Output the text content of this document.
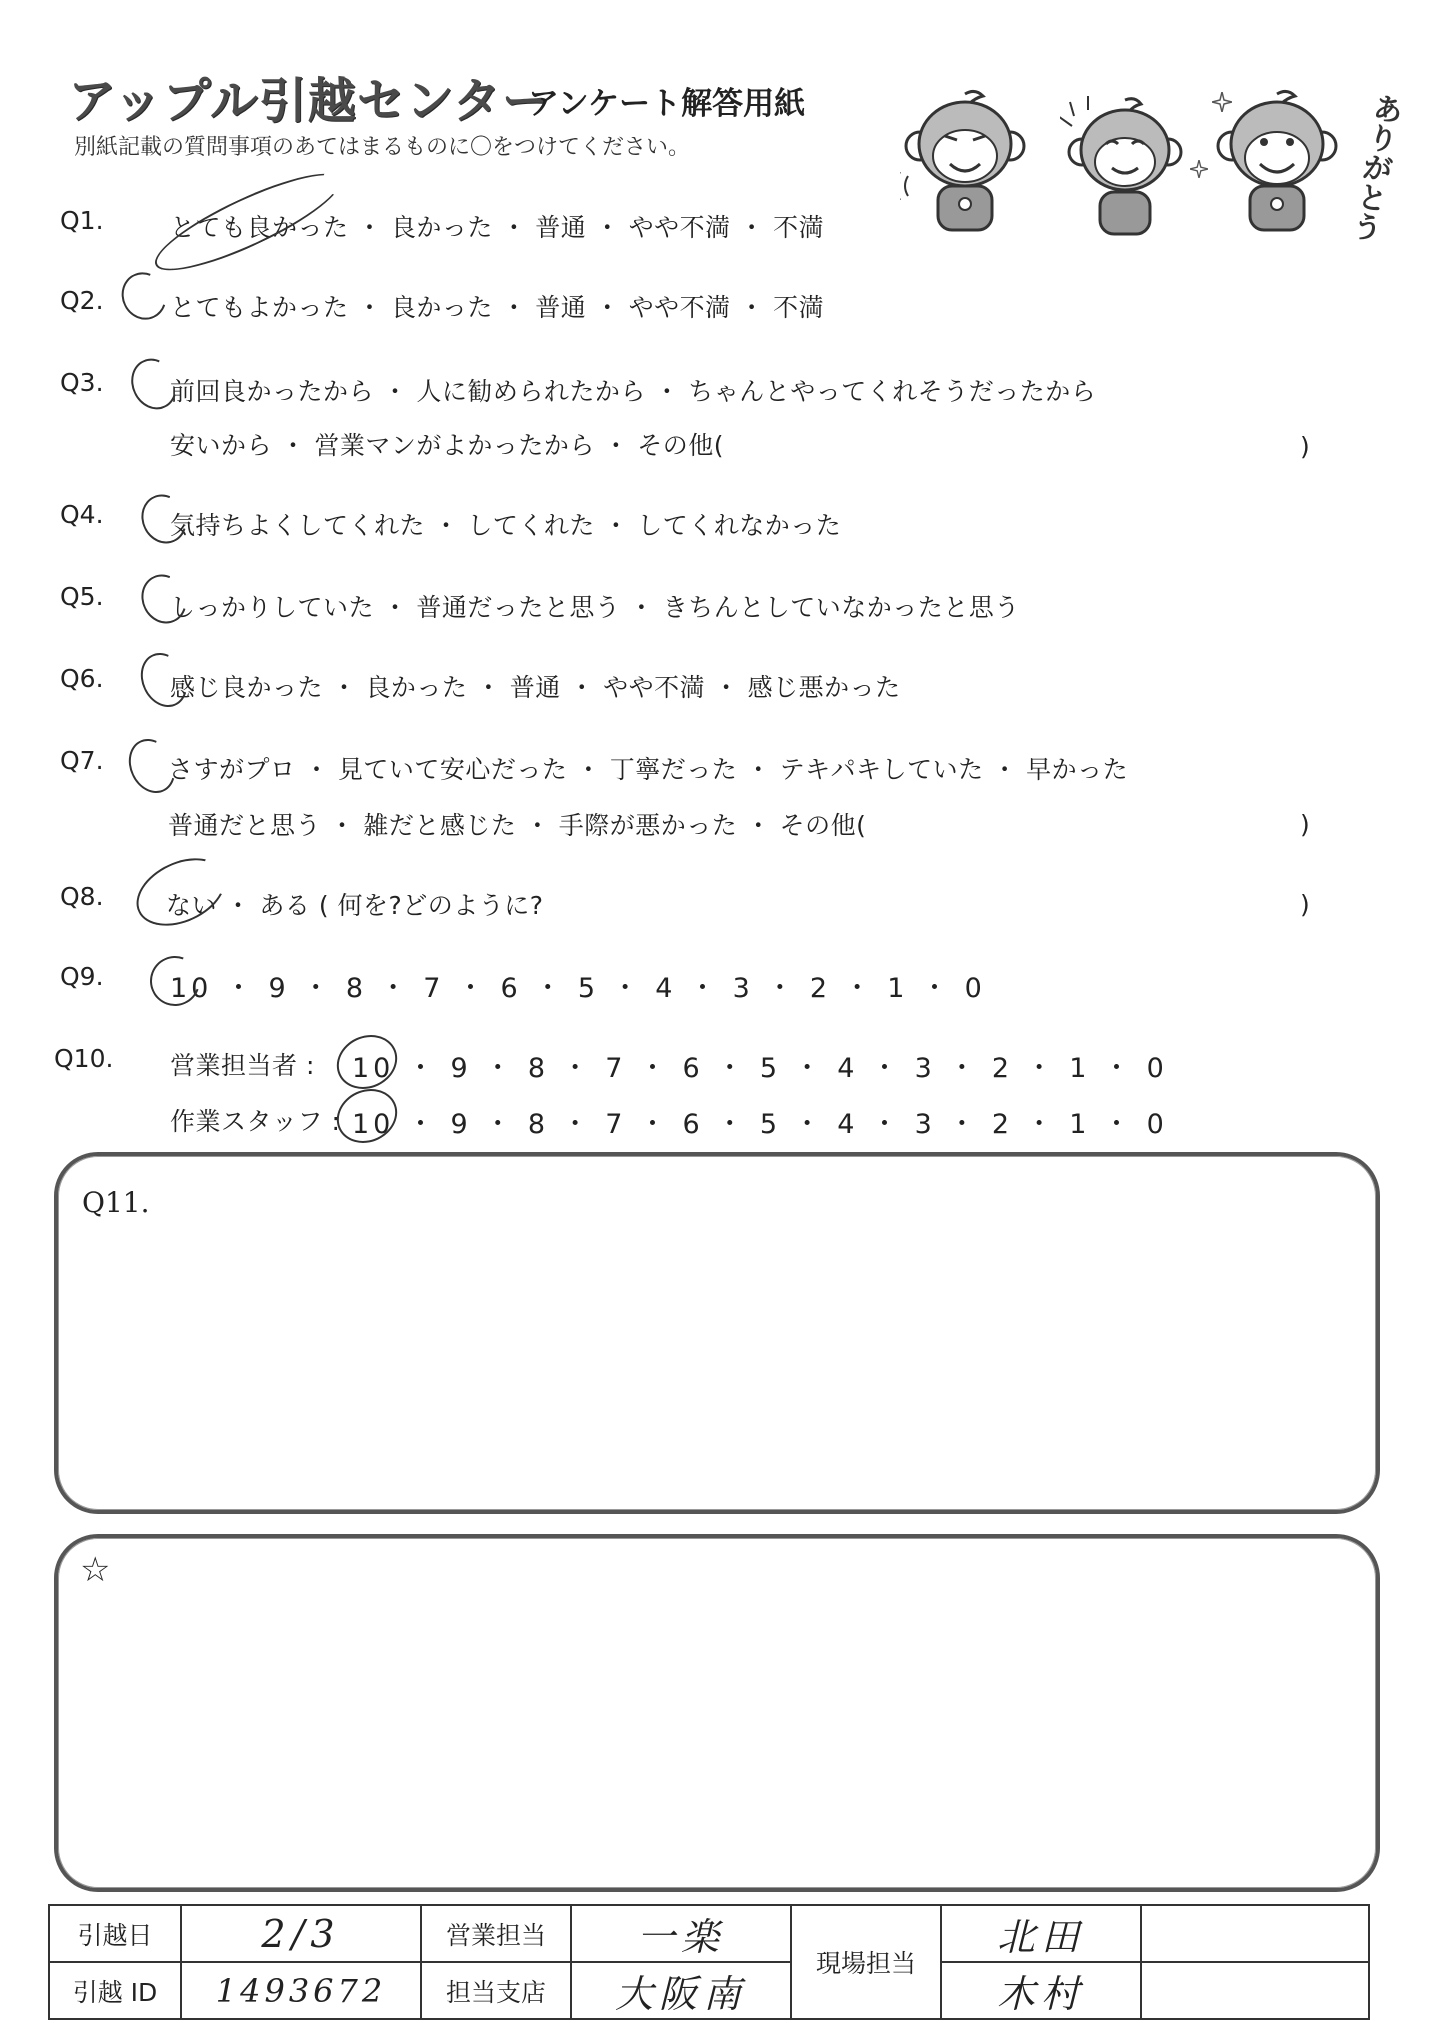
アップル引越センター
アンケート解答用紙
別紙記載の質問事項のあてはまるものに〇をつけてください。	ありがとう
Q1.	とても良かった ・ 良かった ・ 普通 ・ やや不満 ・ 不満
Q2.	とてもよかった ・ 良かった ・ 普通 ・ やや不満 ・ 不満
Q3.	前回良かったから ・ 人に勧められたから ・ ちゃんとやってくれそうだったから
安いから ・ 営業マンがよかったから ・ その他(	)
Q4.	気持ちよくしてくれた ・ してくれた ・ してくれなかった
Q5.	しっかりしていた ・ 普通だったと思う ・ きちんとしていなかったと思う
Q6.	感じ良かった ・ 良かった ・ 普通 ・ やや不満 ・ 感じ悪かった
Q7.	さすがプロ ・ 見ていて安心だった ・ 丁寧だった ・ テキパキしていた ・ 早かった
普通だと思う ・ 雑だと感じた ・ 手際が悪かった ・ その他(	)
Q8. ない ・ ある ( 何を?どのように?	)
Q9. 10 ・ 9 ・ 8 ・ 7 ・ 6 ・ 5 ・ 4 ・ 3 ・ 2 ・ 1 ・ 0
Q10. 営業担当者 : 10 ・ 9 ・ 8 ・ 7 ・ 6 ・ 5 ・ 4 ・ 3 ・ 2 ・ 1 ・ 0
作業スタッフ : 10 ・ 9 ・ 8 ・ 7 ・ 6 ・ 5 ・ 4 ・ 3 ・ 2 ・ 1 ・ 0
Q11.
☆
引越日	2/3	営業担当	一楽	現場担当	北田	
引越 ID	1493672	担当支店	大阪南		木村	
